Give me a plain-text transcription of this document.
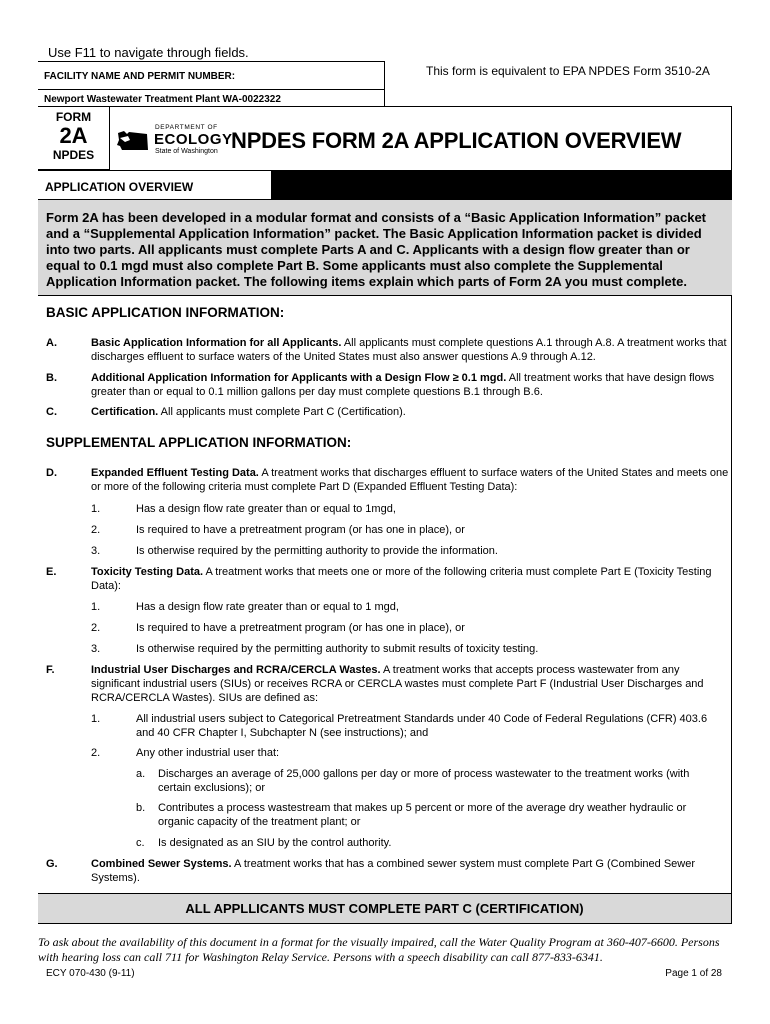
Use F11 to navigate through fields.
FACILITY NAME AND PERMIT NUMBER:
Newport Wastewater Treatment Plant WA-0022322
This form is equivalent to EPA NPDES Form 3510-2A
FORM
2A
NPDES
DEPARTMENT OF
ECOLOGY
State of Washington NPDES FORM 2A APPLICATION OVERVIEW
APPLICATION OVERVIEW
Form 2A has been developed in a modular format and consists of a “Basic Application Information” packet and a “Supplemental Application Information” packet. The Basic Application Information packet is divided into two parts. All applicants must complete Parts A and C. Applicants with a design flow greater than or equal to 0.1 mgd must also complete Part B. Some applicants must also complete the Supplemental Application Information packet. The following items explain which parts of Form 2A you must complete.
BASIC APPLICATION INFORMATION:
A.	Basic Application Information for all Applicants. All applicants must complete questions A.1 through A.8. A treatment works that discharges effluent to surface waters of the United States must also answer questions A.9 through A.12.
B.	Additional Application Information for Applicants with a Design Flow ≥ 0.1 mgd. All treatment works that have design flows greater than or equal to 0.1 million gallons per day must complete questions B.1 through B.6.
C.	Certification. All applicants must complete Part C (Certification).
SUPPLEMENTAL APPLICATION INFORMATION:
D.	Expanded Effluent Testing Data. A treatment works that discharges effluent to surface waters of the United States and meets one or more of the following criteria must complete Part D (Expanded Effluent Testing Data):
1.	Has a design flow rate greater than or equal to 1mgd,
2.	Is required to have a pretreatment program (or has one in place), or
3.	Is otherwise required by the permitting authority to provide the information.
E.	Toxicity Testing Data. A treatment works that meets one or more of the following criteria must complete Part E (Toxicity Testing Data):
1.	Has a design flow rate greater than or equal to 1 mgd,
2.	Is required to have a pretreatment program (or has one in place), or
3.	Is otherwise required by the permitting authority to submit results of toxicity testing.
F.	Industrial User Discharges and RCRA/CERCLA Wastes. A treatment works that accepts process wastewater from any significant industrial users (SIUs) or receives RCRA or CERCLA wastes must complete Part F (Industrial User Discharges and RCRA/CERCLA Wastes). SIUs are defined as:
1.	All industrial users subject to Categorical Pretreatment Standards under 40 Code of Federal Regulations (CFR) 403.6 and 40 CFR Chapter I, Subchapter N (see instructions); and
2.	Any other industrial user that:
a. Discharges an average of 25,000 gallons per day or more of process wastewater to the treatment works (with certain exclusions); or
b. Contributes a process wastestream that makes up 5 percent or more of the average dry weather hydraulic or organic capacity of the treatment plant; or
c. Is designated as an SIU by the control authority.
G.	Combined Sewer Systems. A treatment works that has a combined sewer system must complete Part G (Combined Sewer Systems).
ALL APPLLICANTS MUST COMPLETE PART C (CERTIFICATION)
To ask about the availability of this document in a format for the visually impaired, call the Water Quality Program at 360-407-6600. Persons with hearing loss can call 711 for Washington Relay Service. Persons with a speech disability can call 877-833-6341.
ECY 070-430 (9-11)	Page 1 of 28
